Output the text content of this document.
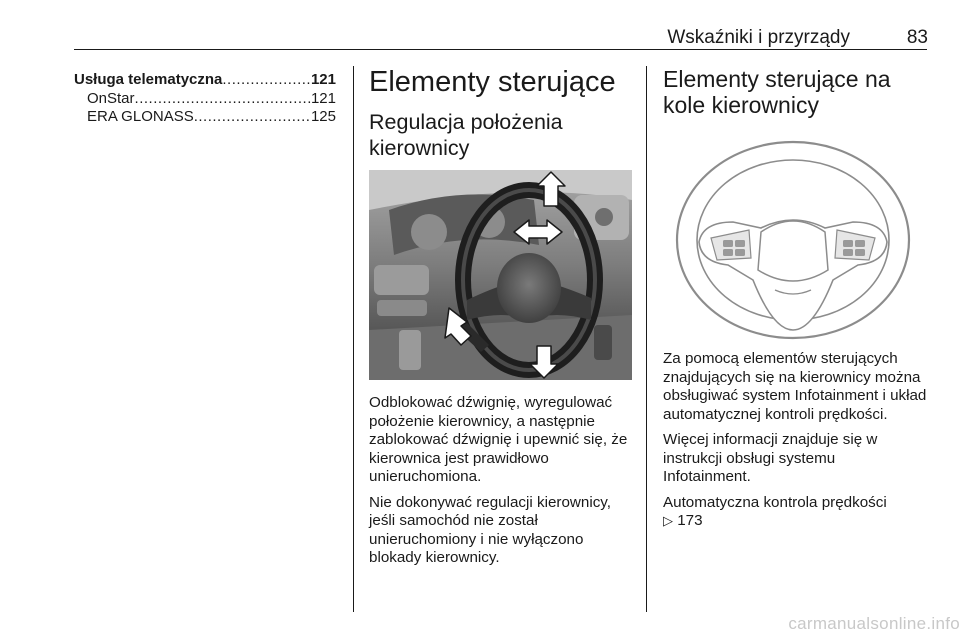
Wskaźniki i przyrządy	83
Usługa telematyczna .....	121
OnStar .....	121
ERA GLONASS .....	125
Elementy sterujące
Regulacja położenia kierownicy
Odblokować dźwignię, wyregulować położenie kierownicy, a następnie zablokować dźwignię i upewnić się, że kierownica jest prawidłowo unieruchomiona.
Nie dokonywać regulacji kierownicy, jeśli samochód nie został unieruchomiony i nie wyłączono blokady kierownicy.
Elementy sterujące na kole kierownicy
Za pomocą elementów sterujących znajdujących się na kierownicy można obsługiwać system Infotainment i układ automatycznej kontroli prędkości.
Więcej informacji znajduje się w instrukcji obsługi systemu Infotainment.
Automatyczna kontrola prędkości
▷ 173
carmanualsonline.info
